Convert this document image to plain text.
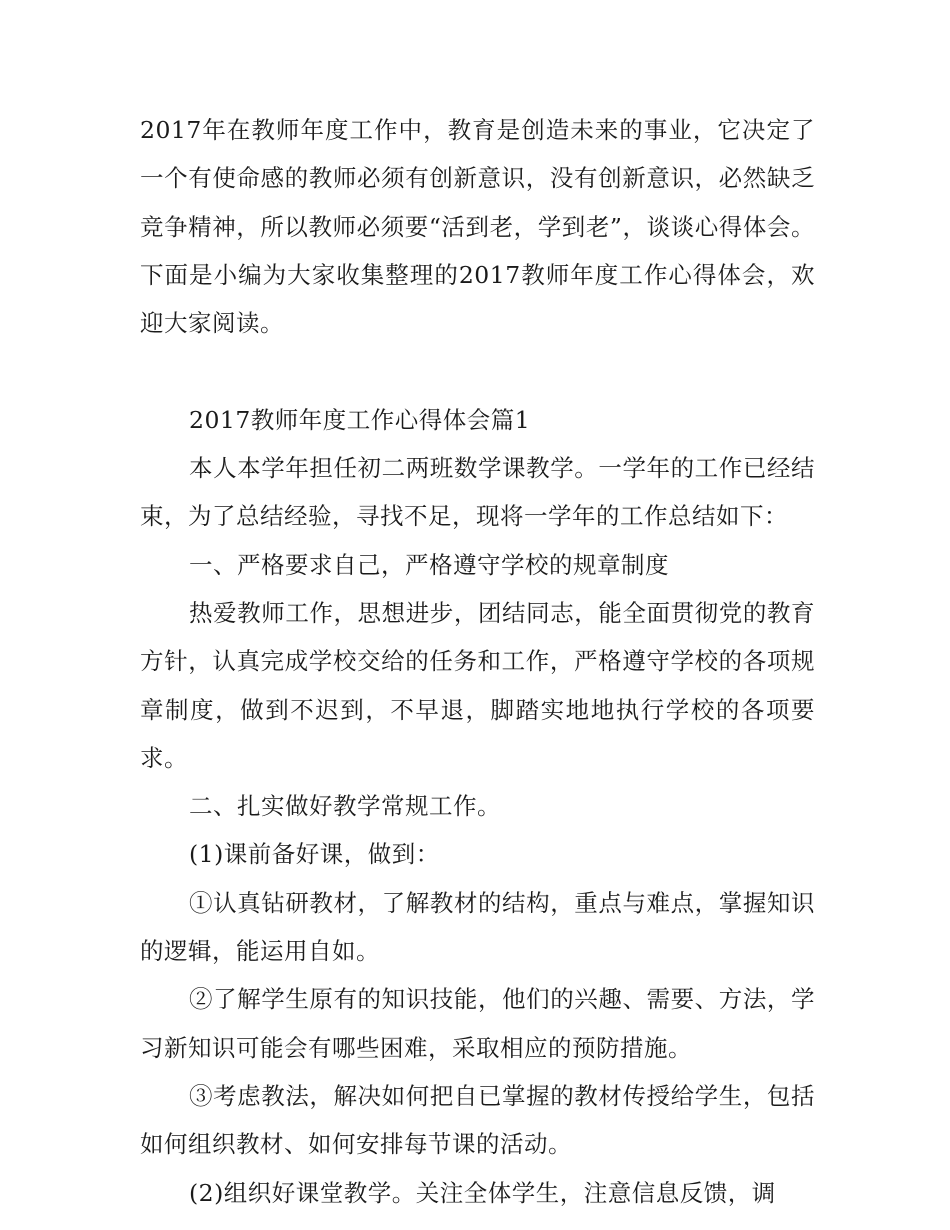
2017年在教师年度工作中，教育是创造未来的事业，它决定了一个有使命感的教师必须有创新意识，没有创新意识，必然缺乏竞争精神，所以教师必须要“活到老，学到老”，谈谈心得体会。下面是小编为大家收集整理的2017教师年度工作心得体会，欢迎大家阅读。

2017教师年度工作心得体会篇1

本人本学年担任初二两班数学课教学。一学年的工作已经结束，为了总结经验，寻找不足，现将一学年的工作总结如下：

一、严格要求自己，严格遵守学校的规章制度

热爱教师工作，思想进步，团结同志，能全面贯彻党的教育方针，认真完成学校交给的任务和工作，严格遵守学校的各项规章制度，做到不迟到，不早退，脚踏实地地执行学校的各项要求。

二、扎实做好教学常规工作。

(1)课前备好课，做到：

①认真钻研教材，了解教材的结构，重点与难点，掌握知识的逻辑，能运用自如。

②了解学生原有的知识技能，他们的兴趣、需要、方法，学习新知识可能会有哪些困难，采取相应的预防措施。

③考虑教法，解决如何把自已掌握的教材传授给学生，包括如何组织教材、如何安排每节课的活动。

(2)组织好课堂教学。关注全体学生，注意信息反馈，调
